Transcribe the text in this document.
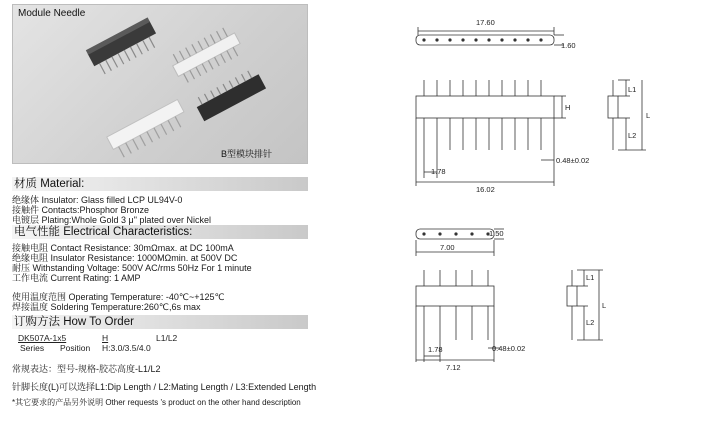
Module Needle
B型模块排针
材质 Material:
绝缘体 Insulator: Glass filled LCP UL94V-0
接触件 Contacts:Phosphor Bronze
电镀层 Plating:Whole Gold 3 μ" plated over Nickel
电气性能 Electrical Characteristics:
接触电阻 Contact Resistance: 30mΩmax. at DC 100mA
绝缘电阻 Insulator Resistance: 1000MΩmin. at 500V DC
耐压 Withstanding Voltage: 500V AC/rms 50Hz For 1 minute
工作电流 Current Rating: 1 AMP
使用温度范围 Operating Temperature: -40℃~+125℃
焊接温度 Soldering Temperature:260℃,6s max
订购方法 How To Order
DK507A-1x5	H	L1/L2
Series Position H:3.0/3.5/4.0
常规表达：型号-规格-胶芯高度-L1/L2
针脚长度(L)可以选择L1:Dip Length / L2:Mating Length / L3:Extended Length
*其它要求的产品另外说明 Other requests 's product on the other hand description
17.60
1.60
H
1.78
16.02
0.48±0.02
L1
L2
L
1.50
7.00
1.78
7.12
0.48±0.02
L1
L2
L
